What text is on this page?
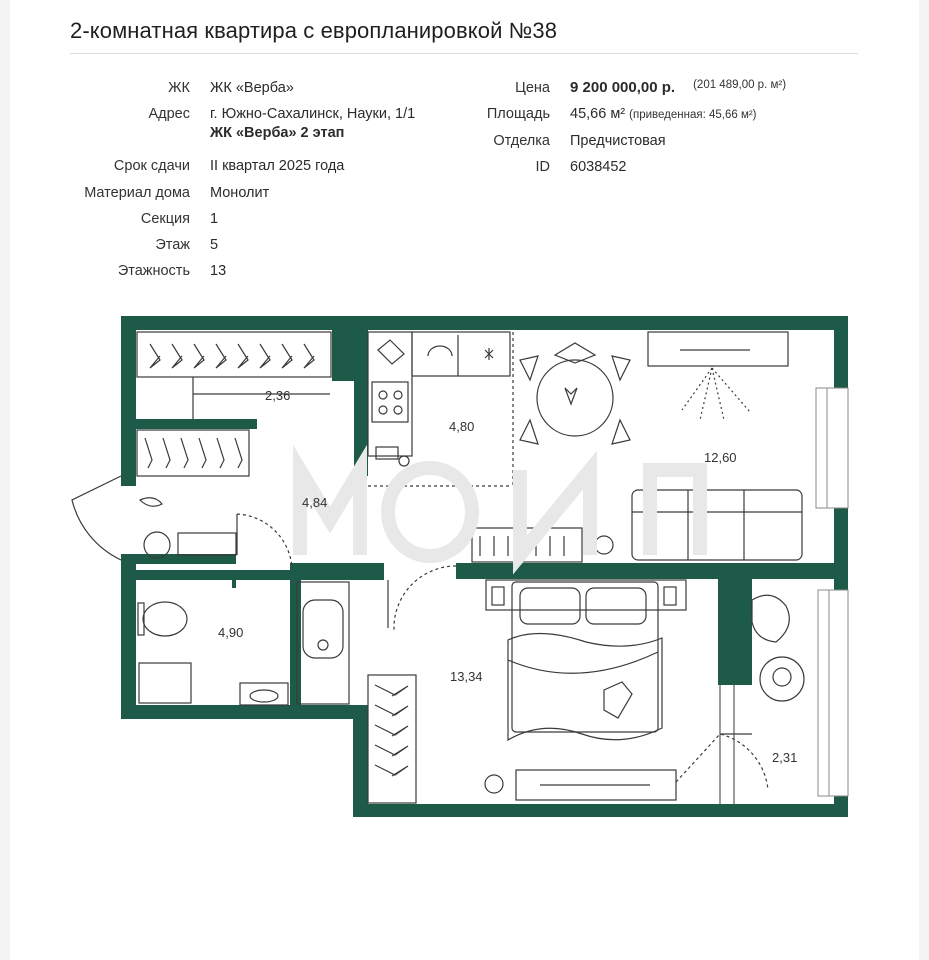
2-комнатная квартира с европланировкой №38
ЖК	ЖК «Верба»
Адрес	г. Южно-Сахалинск, Науки, 1/1
ЖК «Верба» 2 этап
Срок сдачи	II квартал 2025 года
Материал дома	Монолит
Секция	1
Этаж	5
Этажность	13
Цена	9 200 000,00 р. $^{(201 489,00 р. м^2)}$
Площадь	45,66 м² (приведенная: 45,66 м²)
Отделка	Предчистовая
ID	6038452
2,36
4,80
12,60
4,84
4,90
13,34
2,31
